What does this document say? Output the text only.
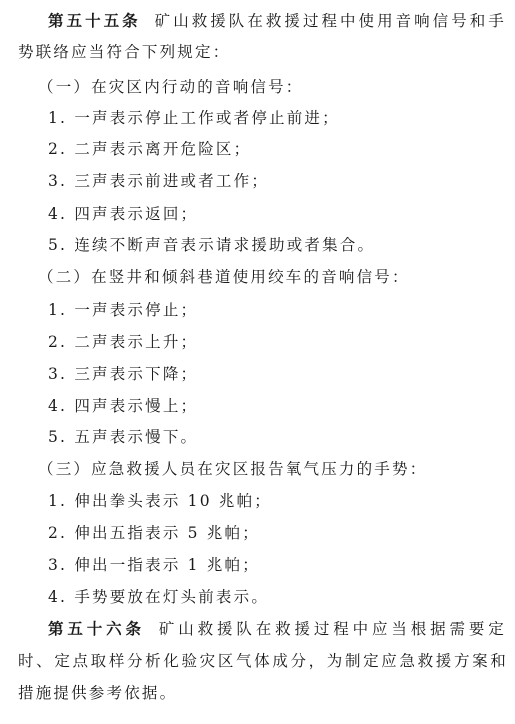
第五十五条 矿山救援队在救援过程中使用音响信号和手
势联络应当符合下列规定：
（一）在灾区内行动的音响信号：
1. 一声表示停止工作或者停止前进；
2. 二声表示离开危险区；
3. 三声表示前进或者工作；
4. 四声表示返回；
5. 连续不断声音表示请求援助或者集合。
（二）在竖井和倾斜巷道使用绞车的音响信号：
1. 一声表示停止；
2. 二声表示上升；
3. 三声表示下降；
4. 四声表示慢上；
5. 五声表示慢下。
（三）应急救援人员在灾区报告氧气压力的手势：
1. 伸出拳头表示 10 兆帕；
2. 伸出五指表示 5 兆帕；
3. 伸出一指表示 1 兆帕；
4. 手势要放在灯头前表示。
第五十六条 矿山救援队在救援过程中应当根据需要定
时、定点取样分析化验灾区气体成分，为制定应急救援方案和
措施提供参考依据。
